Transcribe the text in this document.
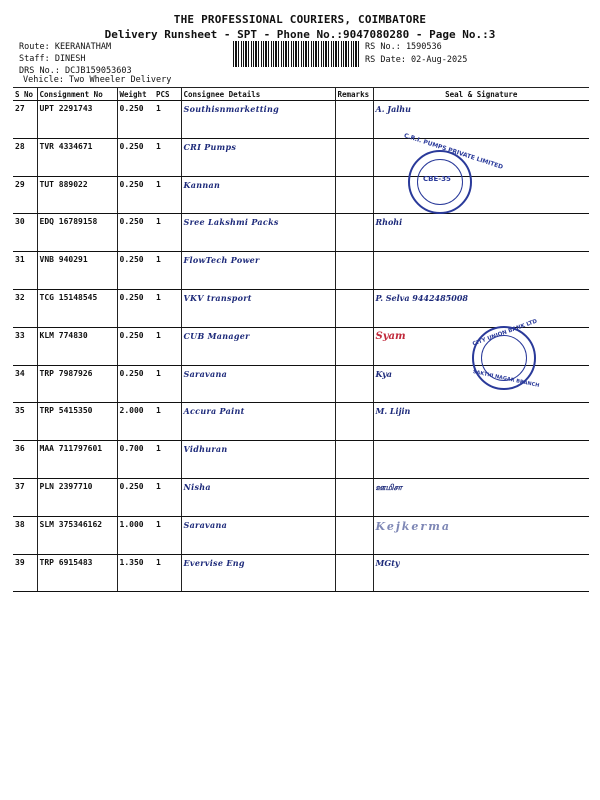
THE PROFESSIONAL COURIERS, COIMBATORE
Delivery Runsheet - SPT - Phone No.:9047080280 - Page No.:3
Route: KEERANATHAM
Staff: DINESH
DRS No.: DCJB159053603
Vehicle: Two Wheeler Delivery
RS No.: 1590536
RS Date: 02-Aug-2025
S No	Consignment No	Weight	PCS	Consignee Details	Remarks	Seal & Signature
27	UPT 2291743	0.250	1	Southisnmarketting		A. Jalhu
28	TVR 4334671	0.250	1	CRI Pumps		
29	TUT 889022	0.250	1	Kannan		
30	EDQ 16789158	0.250	1	Sree Lakshmi Packs		Rhohi
31	VNB 940291	0.250	1	FlowTech Power		
32	TCG 15148545	0.250	1	VKV transport		P. Selva 9442485008
33	KLM 774830	0.250	1	CUB Manager		Syam
34	TRP 7987926	0.250	1	Saravana		Kya
35	TRP 5415350	2.000	1	Accura Paint		M. Lijin
36	MAA 711797601	0.700	1	Vidhuran		
37	PLN 2397710	0.250	1	Nisha		ஊமிசா
38	SLM 375346162	1.000	1	Saravana		Kejkerma
39	TRP 6915483	1.350	1	Evervise Eng		MGty
C.R.I. PUMPS PRIVATE LIMITED
CBE-35
CITY UNION BANK LTD
SAKTHI NAGAR BRANCH
